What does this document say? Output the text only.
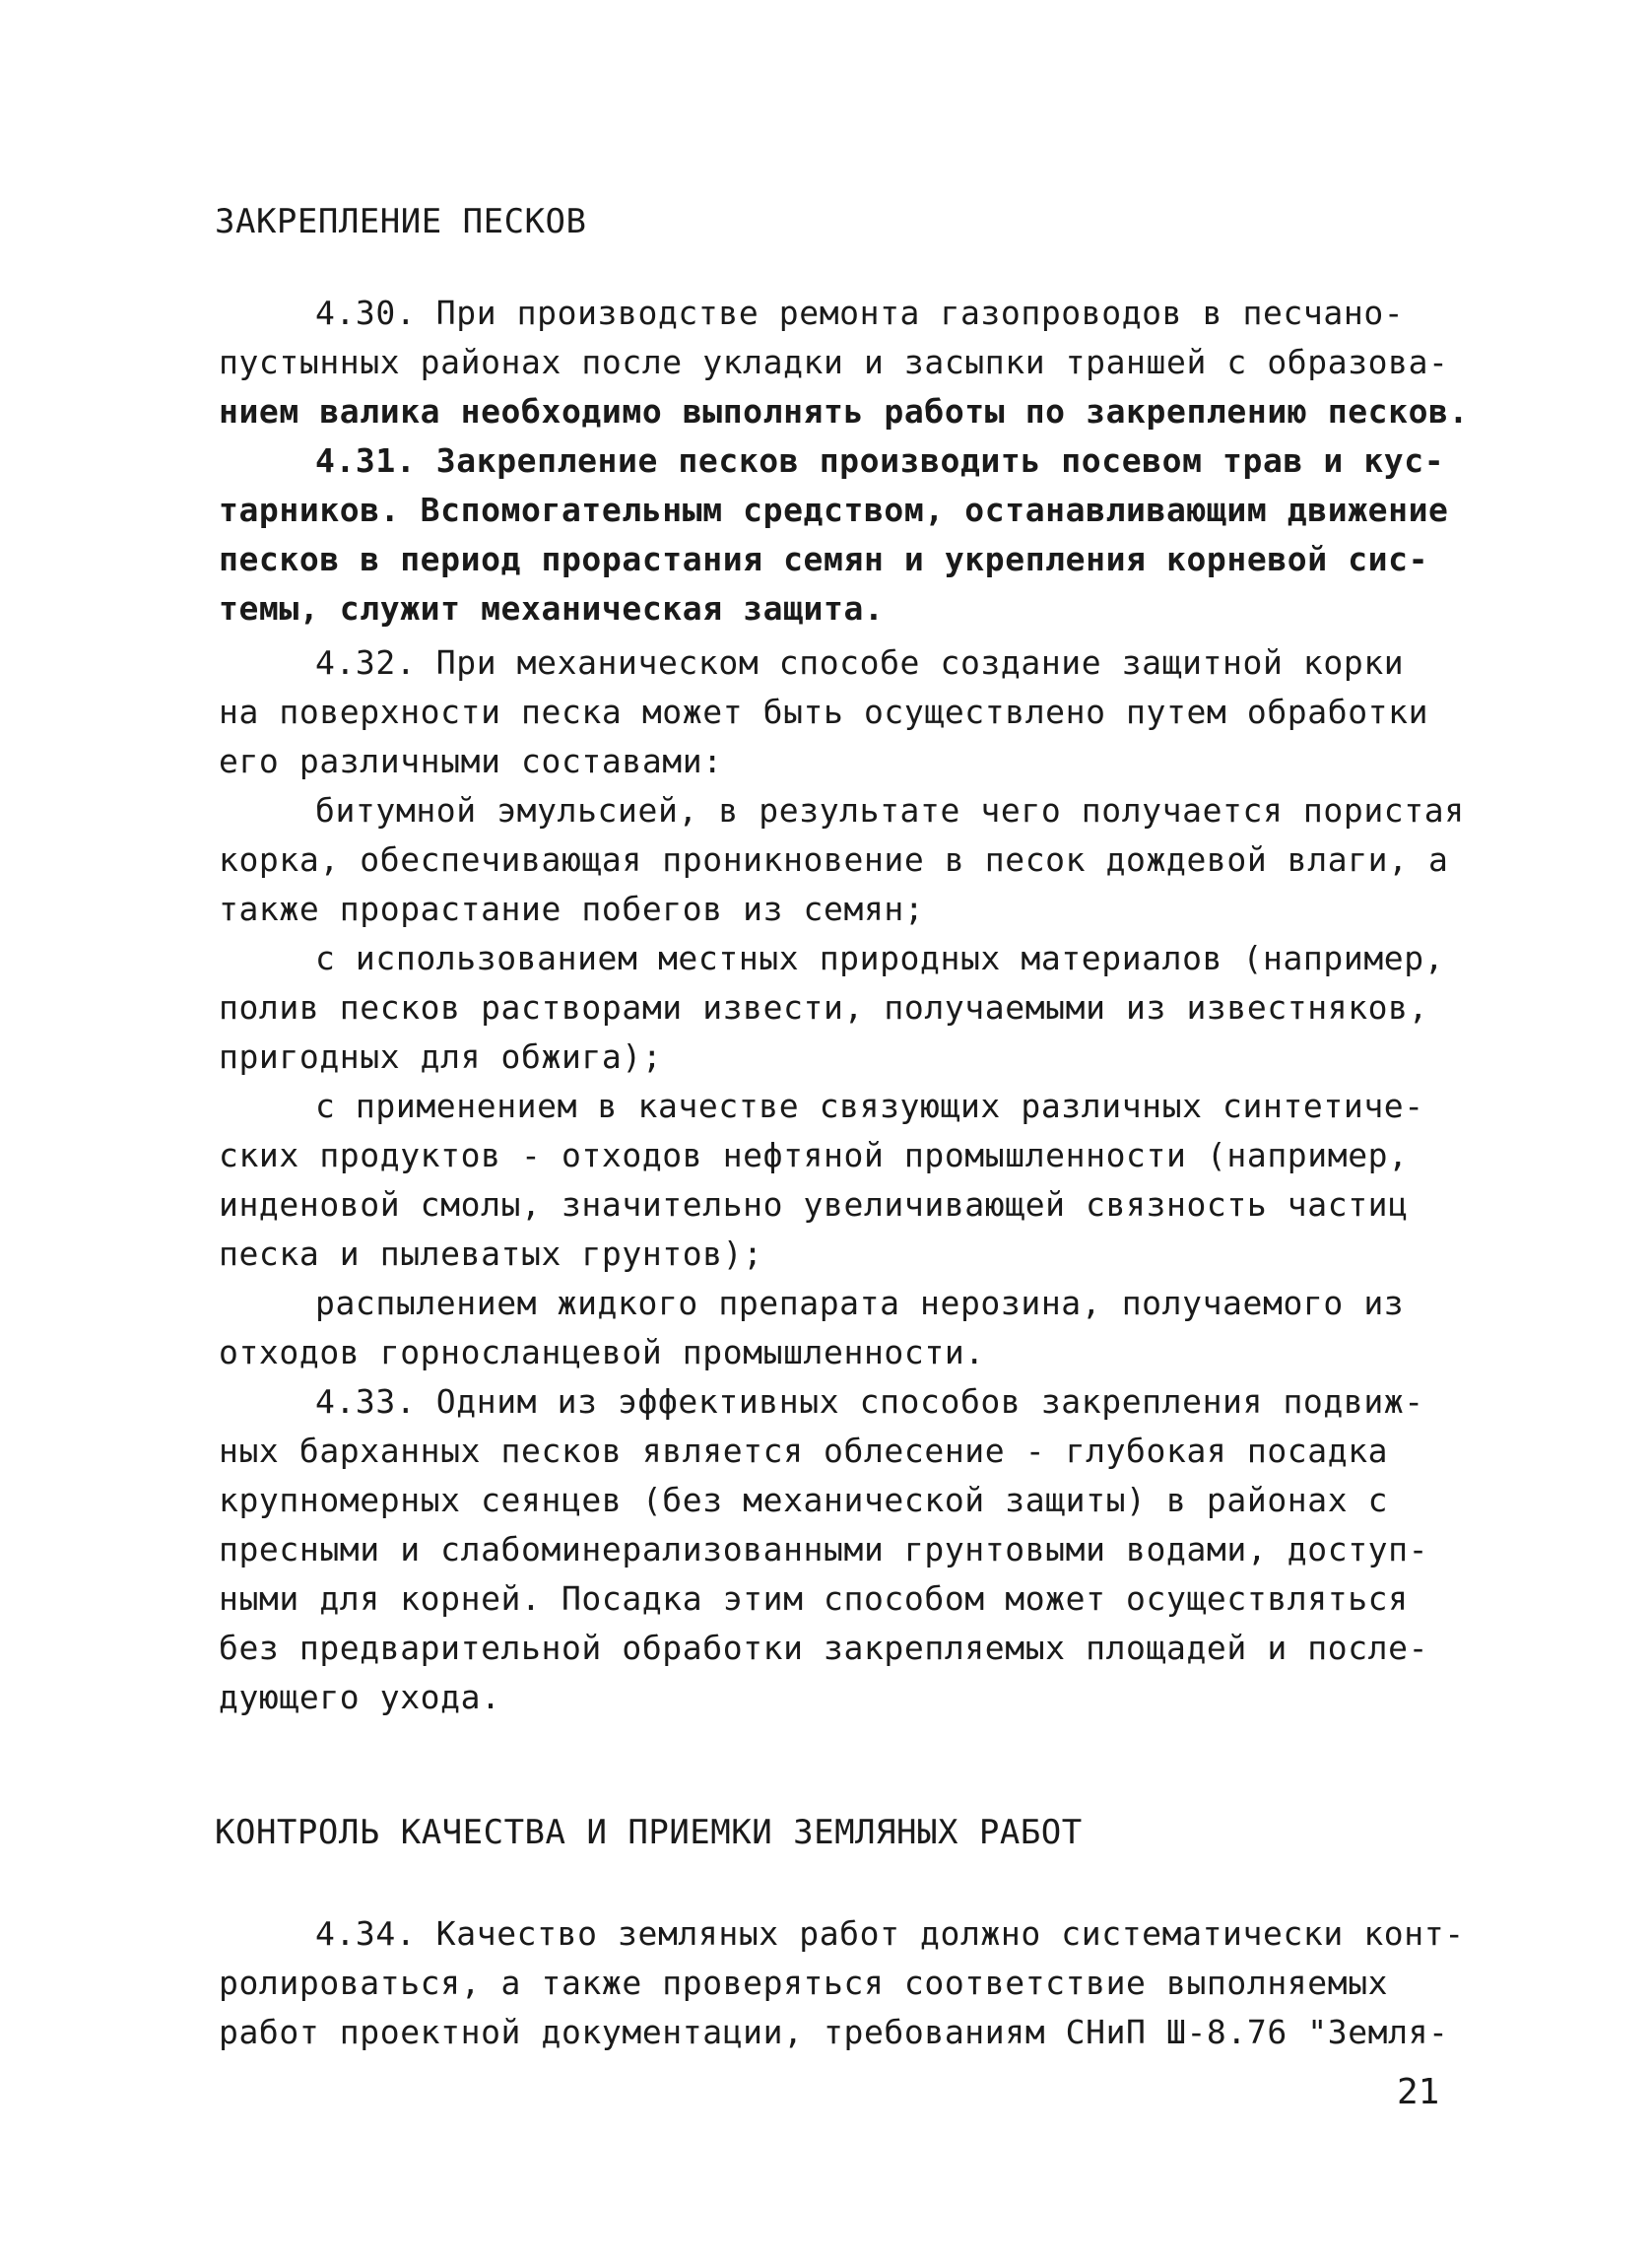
ЗАКРЕПЛЕНИЕ ПЕСКОВ
4.30. При производстве ремонта газопроводов в песчано-
пустынных районах после укладки и засыпки траншей с образова-
нием валика необходимо выполнять работы по закреплению песков.
4.31. Закрепление песков производить посевом трав и кус-
тарников. Вспомогательным средством, останавливающим движение
песков в период прорастания семян и укрепления корневой сис-
темы, служит механическая защита.
4.32. При механическом способе создание защитной корки
на поверхности песка может быть осуществлено путем обработки
его различными составами:
битумной эмульсией, в результате чего получается пористая
корка, обеспечивающая проникновение в песок дождевой влаги, а
также прорастание побегов из семян;
с использованием местных природных материалов (например,
полив песков растворами извести, получаемыми из известняков,
пригодных для обжига);
с применением в качестве связующих различных синтетиче-
ских продуктов - отходов нефтяной промышленности (например,
инденовой смолы, значительно увеличивающей связность частиц
песка и пылеватых грунтов);
распылением жидкого препарата нерозина, получаемого из
отходов горносланцевой промышленности.
4.33. Одним из эффективных способов закрепления подвиж-
ных барханных песков является облесение - глубокая посадка
крупномерных сеянцев (без механической защиты) в районах с
пресными и слабоминерализованными грунтовыми водами, доступ-
ными для корней. Посадка этим способом может осуществляться
без предварительной обработки закрепляемых площадей и после-
дующего ухода.
КОНТРОЛЬ КАЧЕСТВА И ПРИЕМКИ ЗЕМЛЯНЫХ РАБОТ
4.34. Качество земляных работ должно систематически конт-
ролироваться, а также проверяться соответствие выполняемых
работ проектной документации, требованиям СНиП Ш-8.76 "Земля-
21
